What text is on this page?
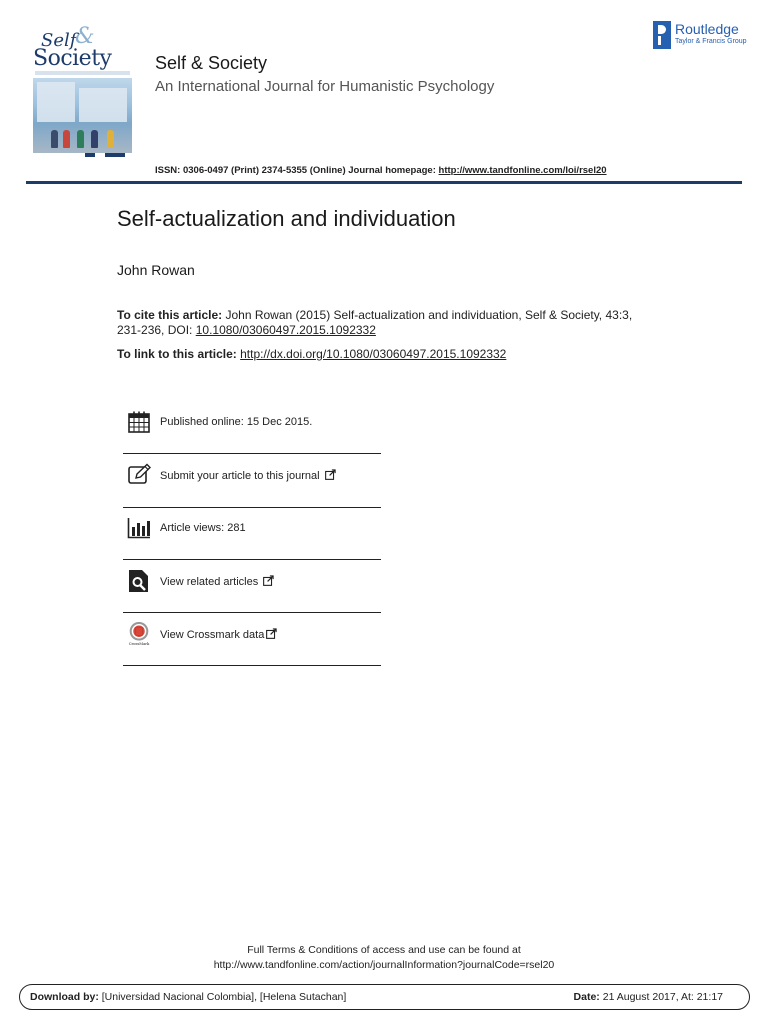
Self
&
Society Self & Society
An International Journal for Humanistic Psychology
Routledge
Taylor & Francis Group
ISSN: 0306-0497 (Print) 2374-5355 (Online) Journal homepage: http://www.tandfonline.com/loi/rsel20
Self-actualization and individuation
John Rowan
To cite this article: John Rowan (2015) Self-actualization and individuation, Self & Society, 43:3, 231-236, DOI: 10.1080/03060497.2015.1092332
To link to this article: http://dx.doi.org/10.1080/03060497.2015.1092332
Published online: 15 Dec 2015.
Submit your article to this journal
Article views: 281
View related articles
CrossMark
View Crossmark data
Full Terms & Conditions of access and use can be found at
http://www.tandfonline.com/action/journalInformation?journalCode=rsel20
Download by: [Universidad Nacional Colombia], [Helena Sutachan]	Date: 21 August 2017, At: 21:17
